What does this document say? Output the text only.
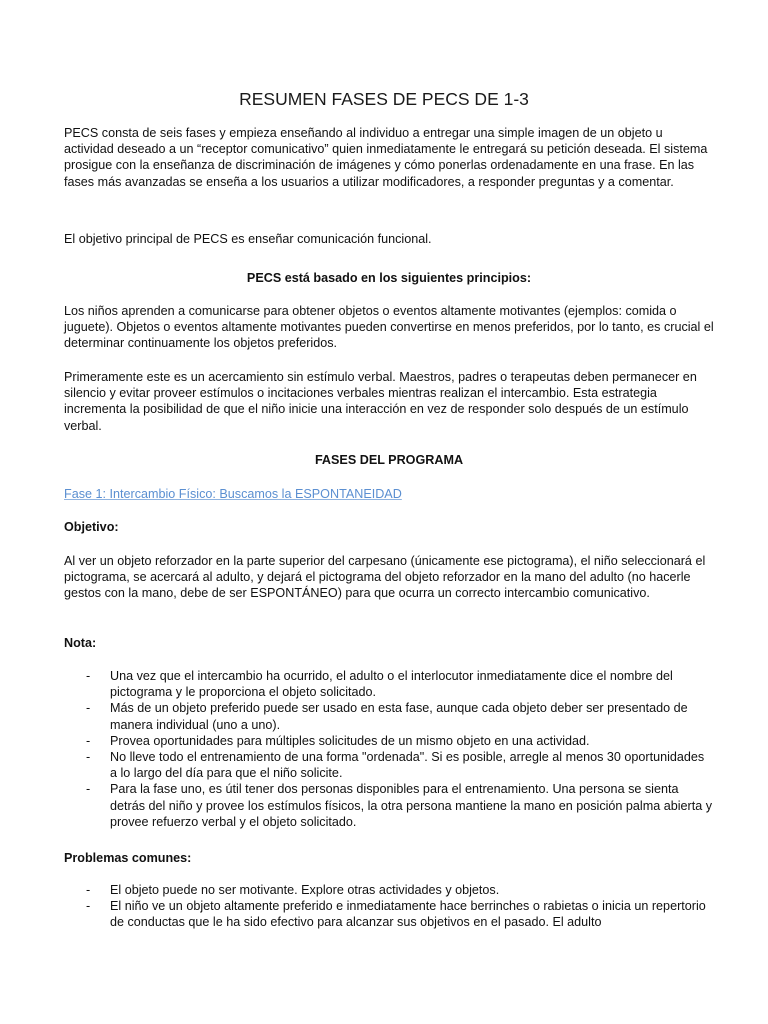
RESUMEN FASES DE PECS DE 1-3

PECS consta de seis fases y empieza enseñando al individuo a entregar una simple imagen de un objeto u actividad deseado a un “receptor comunicativo” quien inmediatamente le entregará su petición deseada. El sistema prosigue con la enseñanza de discriminación de imágenes y cómo ponerlas ordenadamente en una frase. En las fases más avanzadas se enseña a los usuarios a utilizar modificadores, a responder preguntas y a comentar.

El objetivo principal de PECS es enseñar comunicación funcional.

PECS está basado en los siguientes principios:

Los niños aprenden a comunicarse para obtener objetos o eventos altamente motivantes (ejemplos: comida o juguete). Objetos o eventos altamente motivantes pueden convertirse en menos preferidos, por lo tanto, es crucial el determinar continuamente los objetos preferidos.

Primeramente este es un acercamiento sin estímulo verbal. Maestros, padres o terapeutas deben permanecer en silencio y evitar proveer estímulos o incitaciones verbales mientras realizan el intercambio. Esta estrategia incrementa la posibilidad de que el niño inicie una interacción en vez de responder solo después de un estímulo verbal.

FASES DEL PROGRAMA

Fase 1: Intercambio Físico: Buscamos la ESPONTANEIDAD

Objetivo:

Al ver un objeto reforzador en la parte superior del carpesano (únicamente ese pictograma), el niño seleccionará el pictograma, se acercará al adulto, y dejará el pictograma del objeto reforzador en la mano del adulto (no hacerle gestos con la mano, debe de ser ESPONTÁNEO) para que ocurra un correcto intercambio comunicativo.

Nota:

- Una vez que el intercambio ha ocurrido, el adulto o el interlocutor inmediatamente dice el nombre del pictograma y le proporciona el objeto solicitado.
- Más de un objeto preferido puede ser usado en esta fase, aunque cada objeto deber ser presentado de manera individual (uno a uno).
- Provea oportunidades para múltiples solicitudes de un mismo objeto en una actividad.
- No lleve todo el entrenamiento de una forma "ordenada". Si es posible, arregle al menos 30 oportunidades a lo largo del día para que el niño solicite.
- Para la fase uno, es útil tener dos personas disponibles para el entrenamiento. Una persona se sienta detrás del niño y provee los estímulos físicos, la otra persona mantiene la mano en posición palma abierta y provee refuerzo verbal y el objeto solicitado.

Problemas comunes:

- El objeto puede no ser motivante. Explore otras actividades y objetos.
- El niño ve un objeto altamente preferido e inmediatamente hace berrinches o rabietas o inicia un repertorio de conductas que le ha sido efectivo para alcanzar sus objetivos en el pasado. El adulto
